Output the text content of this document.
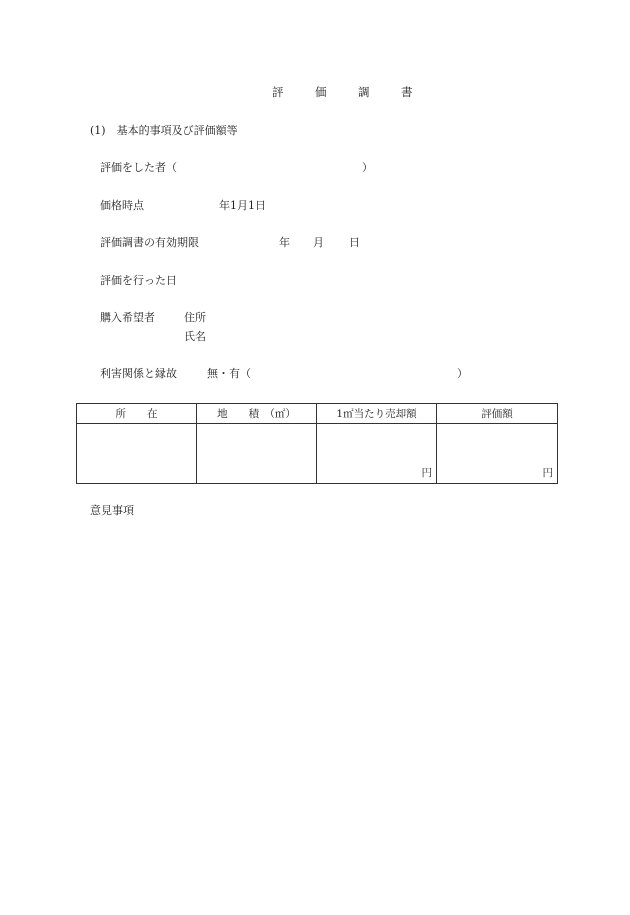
評　価　調　書
(1)　基本的事項及び評価額等
評価をした者（	）
価格時点	年1月1日
評価調書の有効期限	年 月 日
評価を行った日
購入希望者	住所
氏名
利害関係と縁故	無・有（	）
所　　在	地　　積　（㎡）	1㎡当たり売却額	評価額
		円	円
意見事項
